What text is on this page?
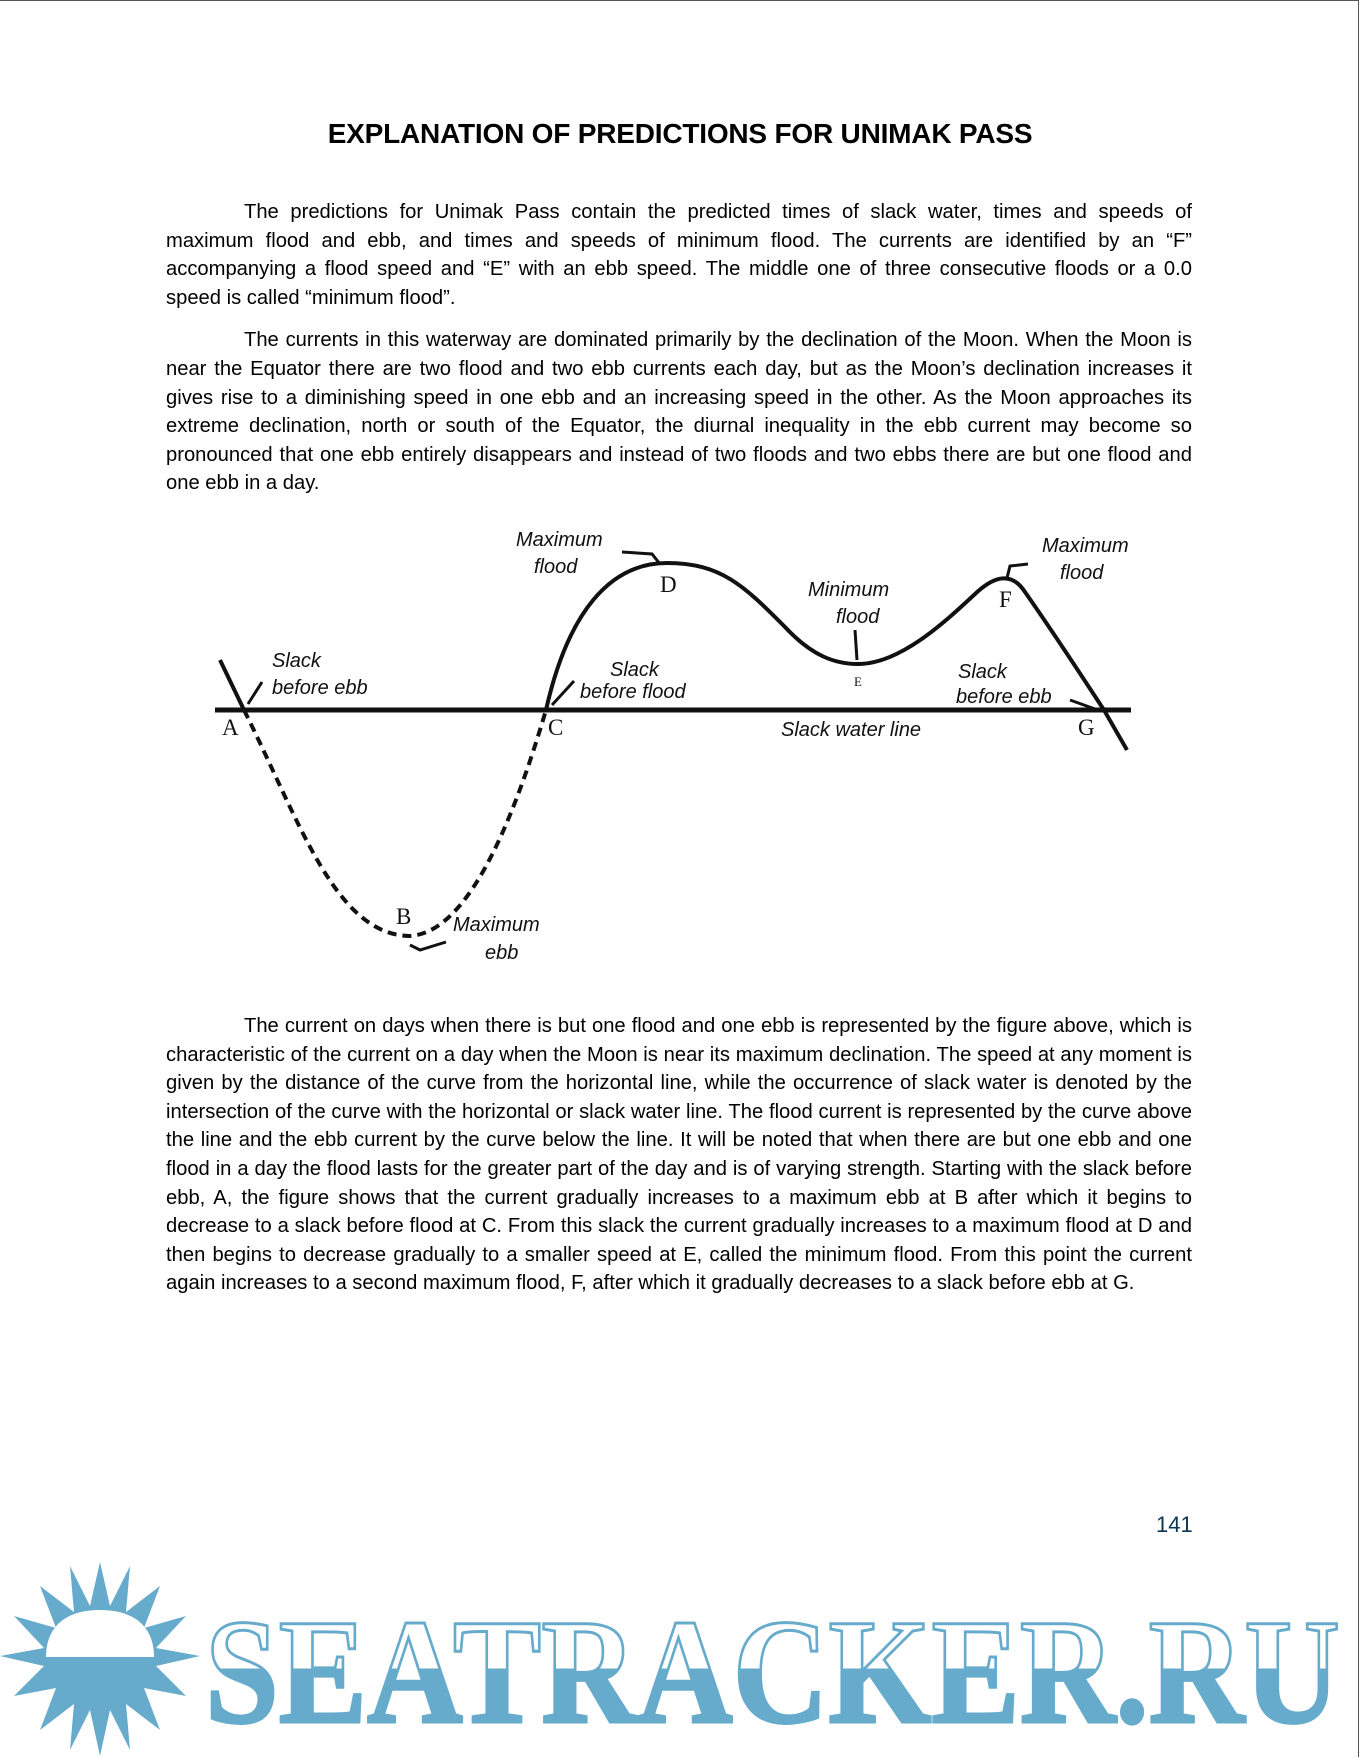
EXPLANATION OF PREDICTIONS FOR UNIMAK PASS

The predictions for Unimak Pass contain the predicted times of slack water, times and speeds of maximum flood and ebb, and times and speeds of minimum flood. The currents are identified by an “F” accompanying a flood speed and “E” with an ebb speed. The middle one of three consecutive floods or a 0.0 speed is called “minimum flood”.

The currents in this waterway are dominated primarily by the declination of the Moon. When the Moon is near the Equator there are two flood and two ebb currents each day, but as the Moon’s declination increases it gives rise to a diminishing speed in one ebb and an increasing speed in the other. As the Moon approaches its extreme declination, north or south of the Equator, the diurnal inequality in the ebb current may become so pronounced that one ebb entirely disappears and instead of two floods and two ebbs there are but one flood and one ebb in a day.

A
B
C
D
E
F
G
Maximum
flood
Minimum
flood
Maximum
flood
Slack
before ebb
Slack
before flood
Slack
before ebb
Slack water line
Maximum
ebb

The current on days when there is but one flood and one ebb is represented by the figure above, which is characteristic of the current on a day when the Moon is near its maximum declination. The speed at any moment is given by the distance of the curve from the horizontal line, while the occurrence of slack water is denoted by the intersection of the curve with the horizontal or slack water line. The flood current is represented by the curve above the line and the ebb current by the curve below the line. It will be noted that when there are but one ebb and one flood in a day the flood lasts for the greater part of the day and is of varying strength. Starting with the slack before ebb, A, the figure shows that the current gradually increases to a maximum ebb at B after which it begins to decrease to a slack before flood at C. From this slack the current gradually increases to a maximum flood at D and then begins to decrease gradually to a smaller speed at E, called the minimum flood. From this point the current again increases to a second maximum flood, F, after which it gradually decreases to a slack before ebb at G.

141
SEATRACKER.RU
